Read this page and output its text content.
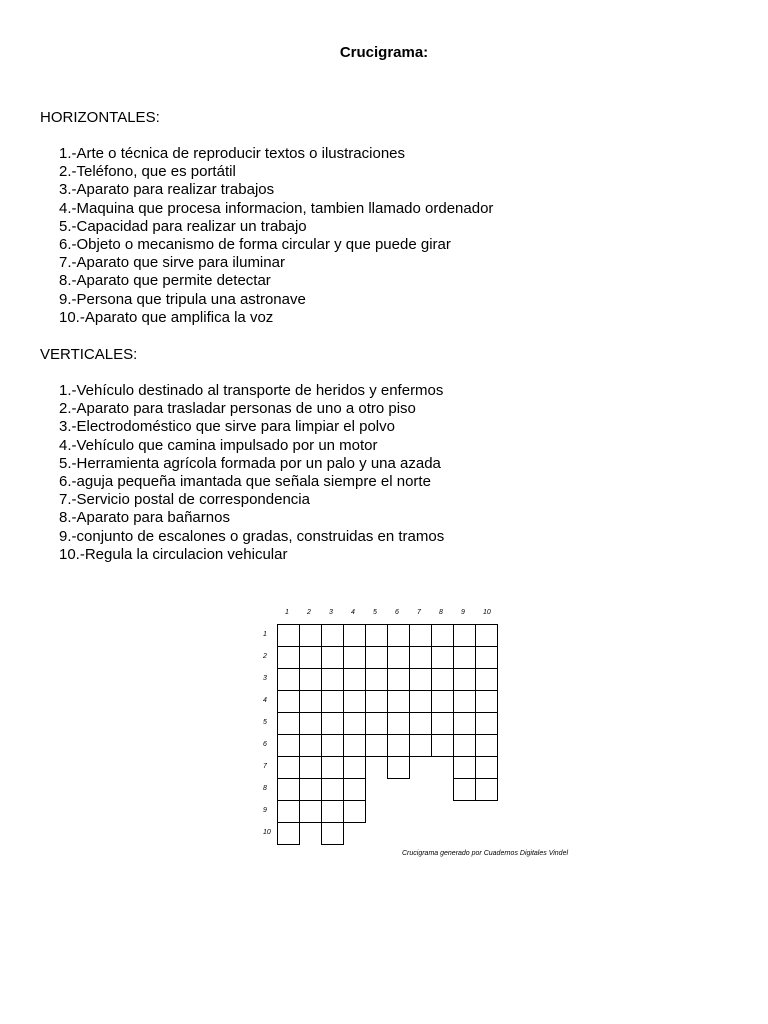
Crucigrama:
HORIZONTALES:
1.-Arte o técnica de reproducir textos o ilustraciones
2.-Teléfono, que es portátil
3.-Aparato para realizar trabajos
4.-Maquina que procesa informacion, tambien llamado ordenador
5.-Capacidad para realizar un trabajo
6.-Objeto o mecanismo de forma circular y que puede girar
7.-Aparato que sirve para iluminar
8.-Aparato que permite detectar
9.-Persona que tripula una astronave
10.-Aparato que amplifica la voz
VERTICALES:
1.-Vehículo destinado al transporte de heridos y enfermos
2.-Aparato para trasladar personas de uno a otro piso
3.-Electrodoméstico que sirve para limpiar el polvo
4.-Vehículo que camina impulsado por un motor
5.-Herramienta agrícola formada por un palo y una azada
6.-aguja pequeña imantada que señala siempre el norte
7.-Servicio postal de correspondencia
8.-Aparato para bañarnos
9.-conjunto de escalones o gradas, construidas en tramos
10.-Regula la circulacion vehicular
1	2	3	4	5	6	7	8	9	10
1
2
3
4
5
6
7
8
9
10
Crucigrama generado por Cuadernos Digitales Vindel
